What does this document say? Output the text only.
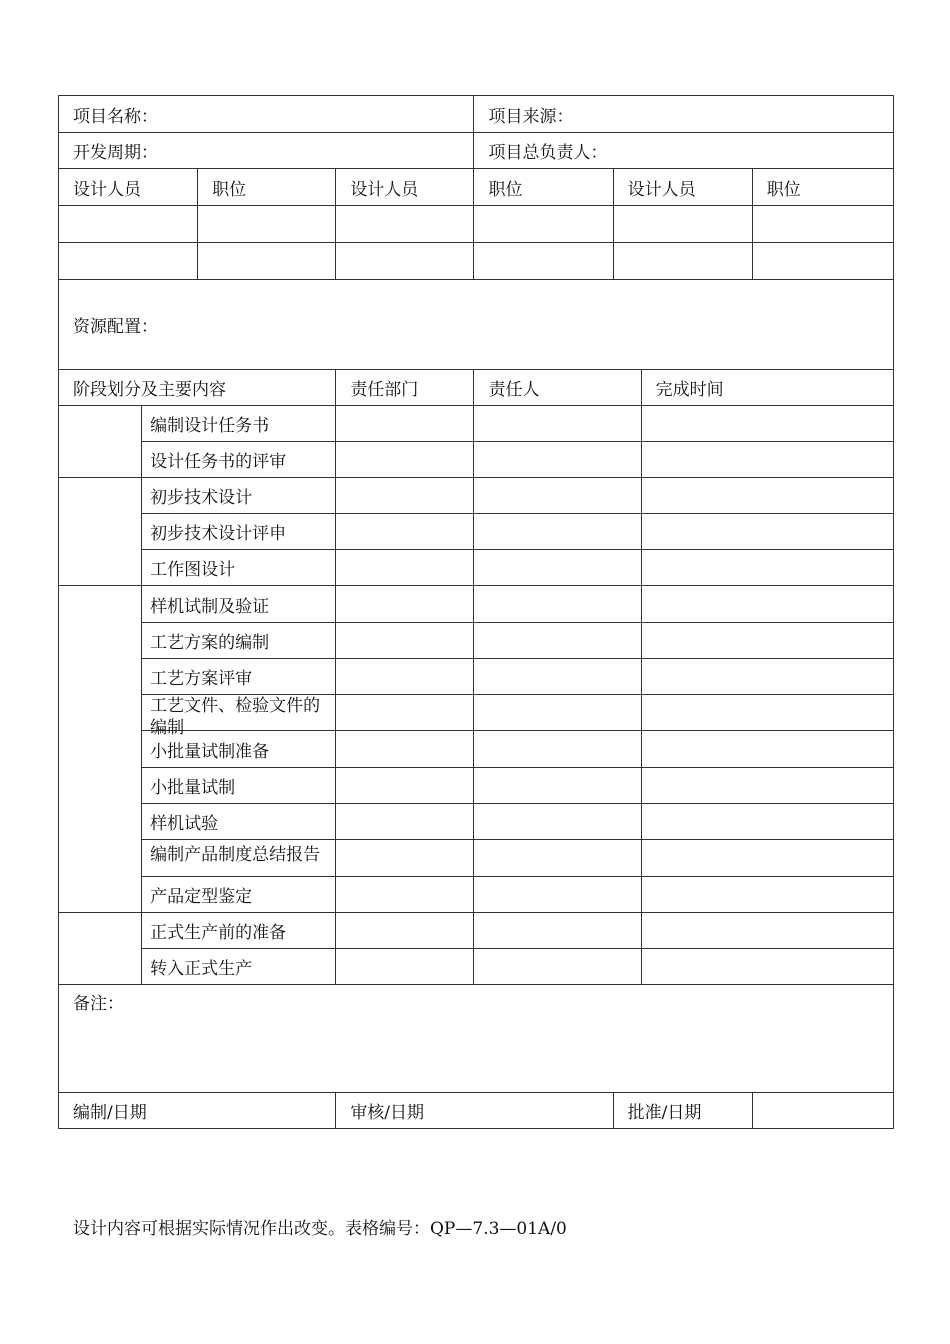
项目名称：				项目来源：			
开发周期：				项目总负责人：			
设计人员		职位	设计人员	职位	设计人员		职位

资源配置：							
阶段划分及主要内容			责任部门	责任人		完成时间	
	编制设计任务书						
	设计任务书的评审						
	初步技术设计						
	初步技术设计评申						
	工作图设计						
	样机试制及验证						
	工艺方案的编制						
	工艺方案评审						

	工艺文件、检验文件的编制						

	小批量试制准备						
	小批量试制						
	样机试验						
	编制产品制度总结报告						
	产品定型鉴定						
	正式生产前的准备						
	转入正式生产						
备注：							
编制/日期			审核/日期		批准/日期		
设计内容可根据实际情况作出改变。表格编号：QP—7.3—01A/0
